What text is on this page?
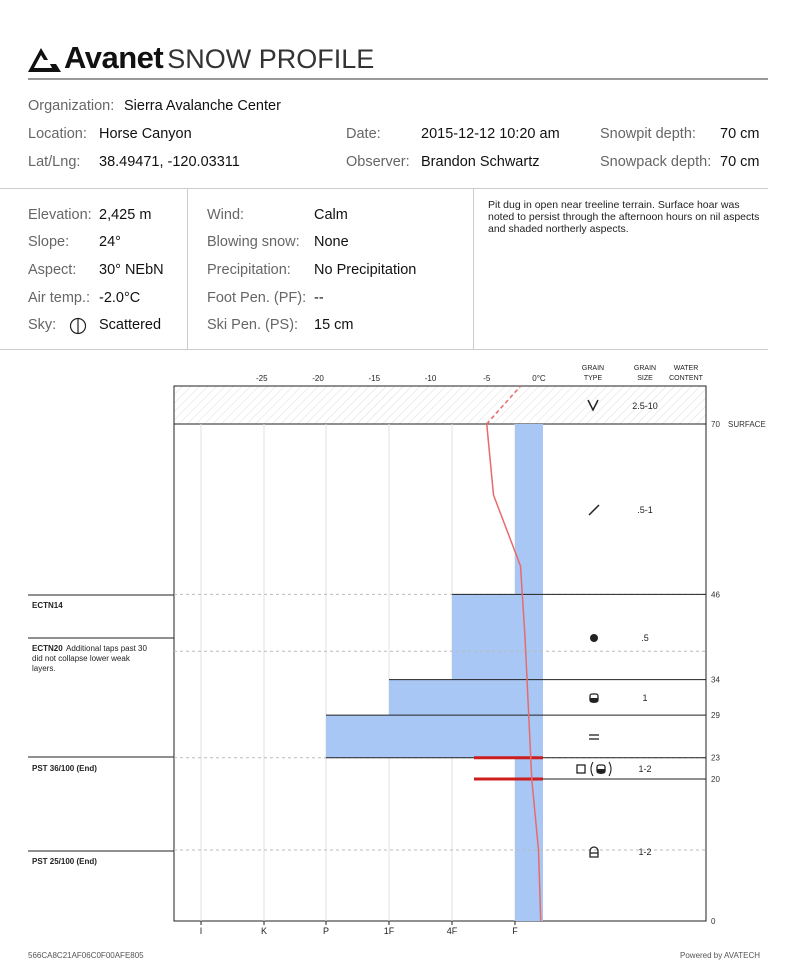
Avanet SNOW PROFILE
Organization: Sierra Avalanche Center
Location: Horse Canyon
Lat/Lng: 38.49471, -120.03311
Date:	2015-12-12 10:20 am
Observer: Brandon Schwartz
Snowpit depth: 70 cm
Snowpack depth: 70 cm
Elevation: 2,425 m
Slope: 24°
Aspect: 30° NEbN
Air temp.: -2.0°C
Sky:	Scattered
Wind:	Calm
Blowing snow: None
Precipitation: No Precipitation
Foot Pen. (PF): --
Ski Pen. (PS): 15 cm
Pit dug in open near treeline terrain. Surface hoar was noted to persist through the afternoon hours on nil aspects and shaded northerly aspects.
GRAIN
TYPE
GRAIN
SIZE
WATER
CONTENT
-25	-20	-15	-10	-5	0°C
70
46
34
29
23
20
0
SURFACE
2.5-10
.5-1
.5
1
1-2
1-2
I	K	P	1F	4F	F
ECTN14
ECTN20 Additional taps past 30 did not collapse lower weak layers.
PST 36/100 (End)
PST 25/100 (End)
566CA8C21AF06C0F00AFE805	Powered by AVATECH
